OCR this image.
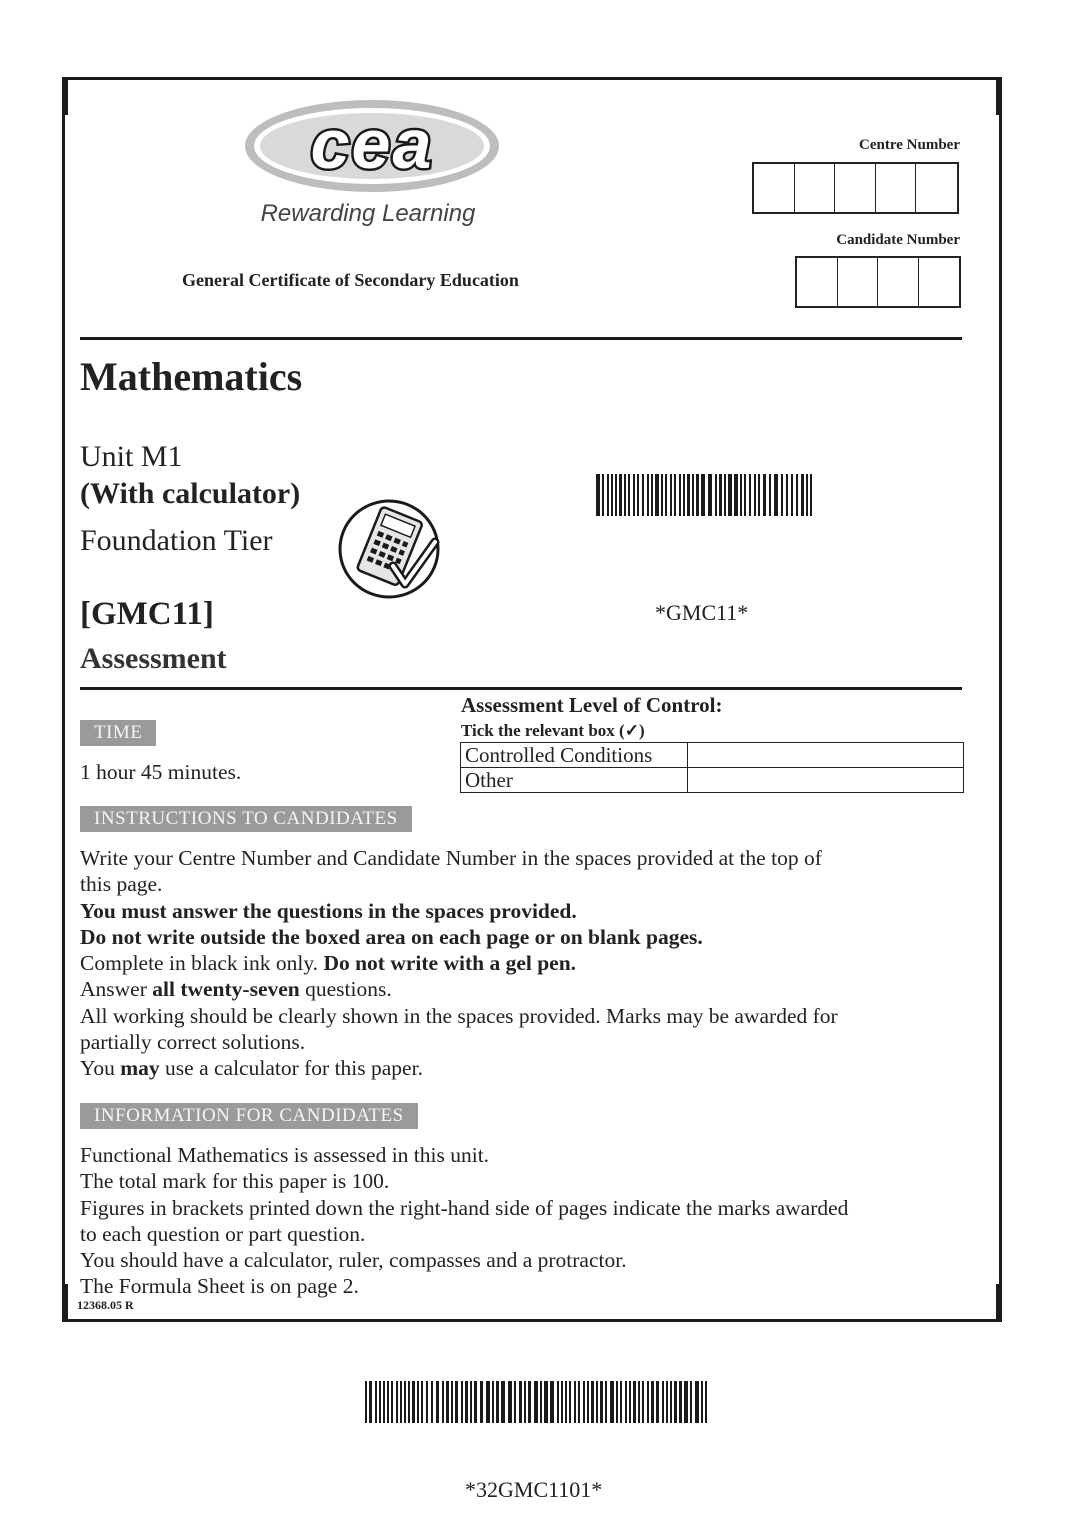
cea
Rewarding Learning
General Certificate of Secondary Education
Centre Number
Candidate Number
Mathematics
Unit M1
(With calculator)
Foundation Tier
*GMC11*
[GMC11]
Assessment
TIME
1 hour 45 minutes.
Assessment Level of Control:
Tick the relevant box (✓)
Controlled Conditions	
Other	
INSTRUCTIONS TO CANDIDATES
Write your Centre Number and Candidate Number in the spaces provided at the top of
this page.
You must answer the questions in the spaces provided.
Do not write outside the boxed area on each page or on blank pages.
Complete in black ink only. Do not write with a gel pen.
Answer all twenty-seven questions.
All working should be clearly shown in the spaces provided. Marks may be awarded for
partially correct solutions.
You may use a calculator for this paper.
INFORMATION FOR CANDIDATES
Functional Mathematics is assessed in this unit.
The total mark for this paper is 100.
Figures in brackets printed down the right-hand side of pages indicate the marks awarded
to each question or part question.
You should have a calculator, ruler, compasses and a protractor.
The Formula Sheet is on page 2.
12368.05 R
*32GMC1101*
